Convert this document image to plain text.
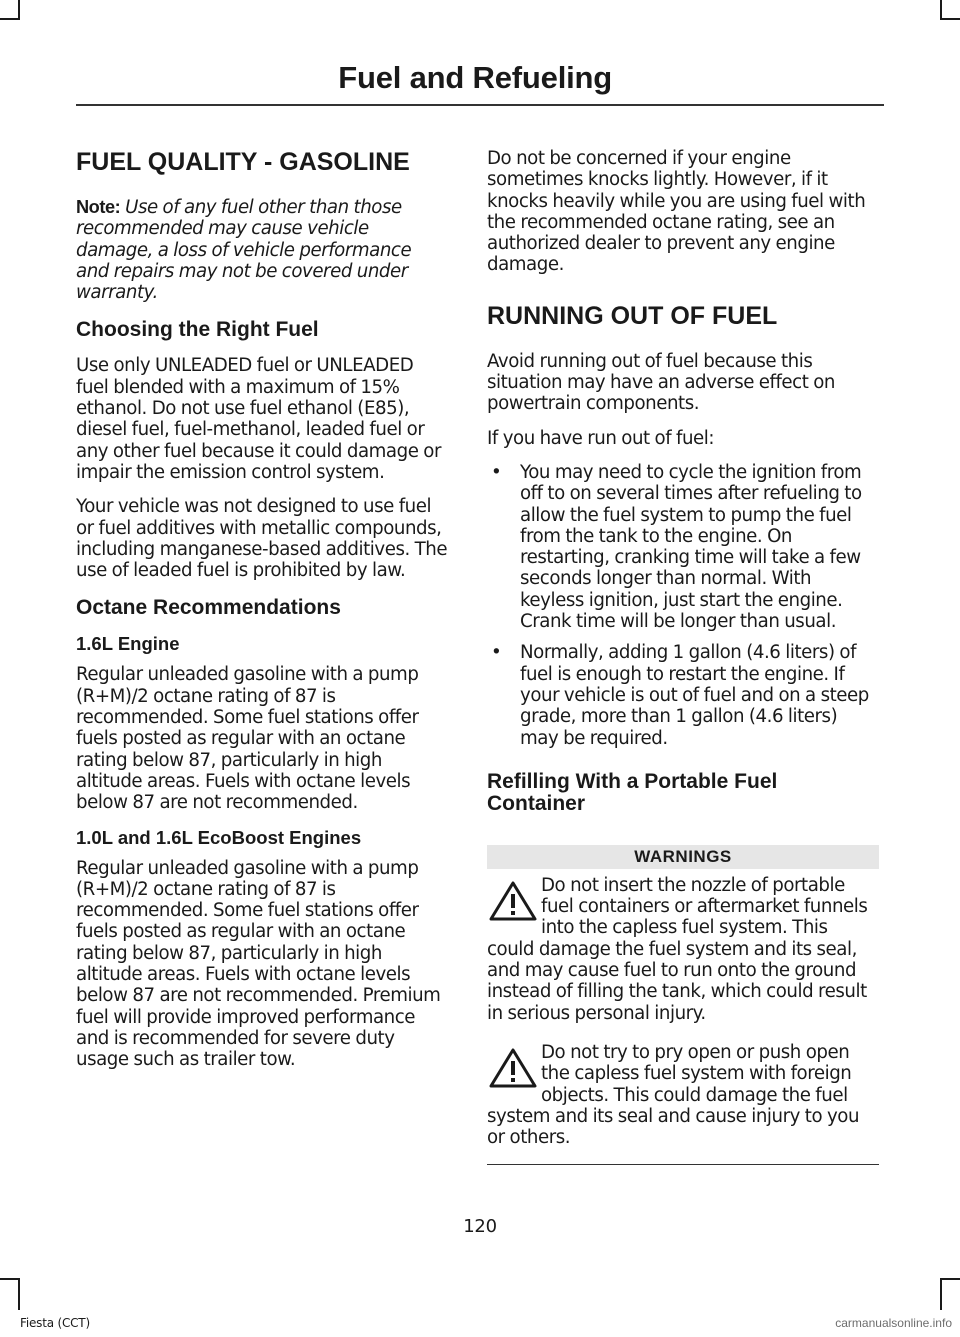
Fuel and Refueling
FUEL QUALITY - GASOLINE

Note: Use of any fuel other than those recommended may cause vehicle damage, a loss of vehicle performance and repairs may not be covered under warranty.

Choosing the Right Fuel

Use only UNLEADED fuel or UNLEADED fuel blended with a maximum of 15% ethanol. Do not use fuel ethanol (E85), diesel fuel, fuel-methanol, leaded fuel or any other fuel because it could damage or impair the emission control system.

Your vehicle was not designed to use fuel or fuel additives with metallic compounds, including manganese-based additives. The use of leaded fuel is prohibited by law.

Octane Recommendations
1.6L Engine

Regular unleaded gasoline with a pump (R+M)/2 octane rating of 87 is recommended. Some fuel stations offer fuels posted as regular with an octane rating below 87, particularly in high altitude areas. Fuels with octane levels below 87 are not recommended.

1.0L and 1.6L EcoBoost Engines

Regular unleaded gasoline with a pump (R+M)/2 octane rating of 87 is recommended. Some fuel stations offer fuels posted as regular with an octane rating below 87, particularly in high altitude areas. Fuels with octane levels below 87 are not recommended. Premium fuel will provide improved performance and is recommended for severe duty usage such as trailer tow.

Do not be concerned if your engine sometimes knocks lightly. However, if it knocks heavily while you are using fuel with the recommended octane rating, see an authorized dealer to prevent any engine damage.

RUNNING OUT OF FUEL

Avoid running out of fuel because this situation may have an adverse effect on powertrain components.

If you have run out of fuel:

• You may need to cycle the ignition from off to on several times after refueling to allow the fuel system to pump the fuel from the tank to the engine. On restarting, cranking time will take a few seconds longer than normal. With keyless ignition, just start the engine. Crank time will be longer than usual.
• Normally, adding 1 gallon (4.6 liters) of fuel is enough to restart the engine. If your vehicle is out of fuel and on a steep grade, more than 1 gallon (4.6 liters) may be required.
Refilling With a Portable Fuel Container
WARNINGS

Do not insert the nozzle of portable fuel containers or aftermarket funnels into the capless fuel system. This could damage the fuel system and its seal, and may cause fuel to run onto the ground instead of filling the tank, which could result in serious personal injury.

Do not try to pry open or push open the capless fuel system with foreign objects. This could damage the fuel system and its seal and cause injury to you or others.

120
Fiesta (CCT)	carmanualsonline.info
